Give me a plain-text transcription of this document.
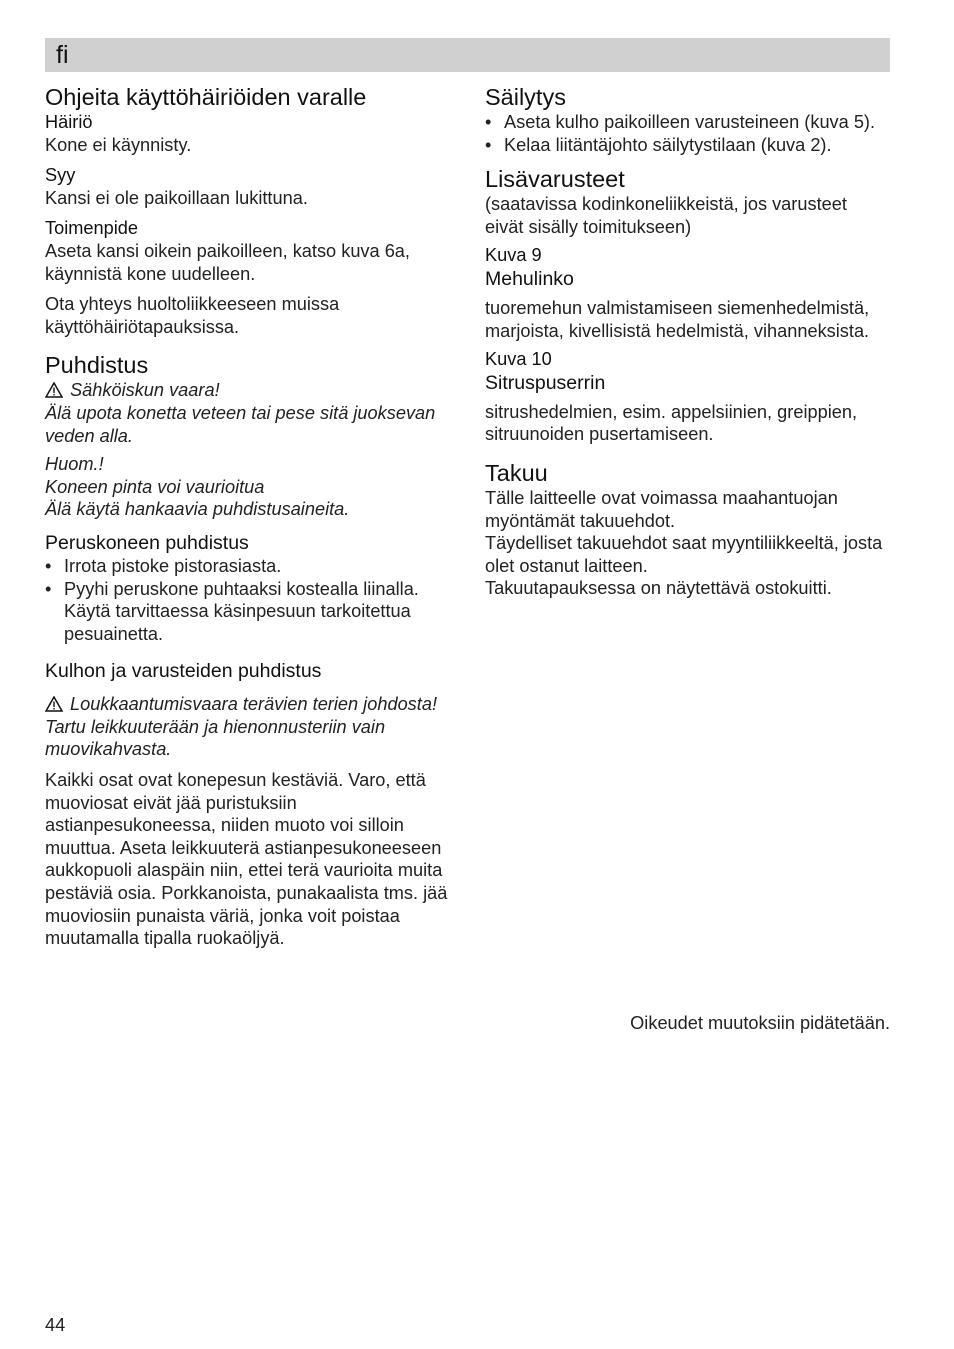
fi
Ohjeita käyttöhäiriöiden varalle

Häiriö

Kone ei käynnisty.

Syy

Kansi ei ole paikoillaan lukittuna.

Toimenpide

Aseta kansi oikein paikoilleen, katso kuva 6a, käynnistä kone uudelleen.

Ota yhteys huoltoliikkeeseen muissa käyttöhäiriötapauksissa.

Puhdistus
Sähköiskun vaara!

Älä upota konetta veteen tai pese sitä juoksevan veden alla.

Huom.!

Koneen pinta voi vaurioitua

Älä käytä hankaavia puhdistusaineita.

Peruskoneen puhdistus
• Irrota pistoke pistorasiasta.
• Pyyhi peruskone puhtaaksi kostealla liinalla. Käytä tarvittaessa käsinpesuun tarkoitettua pesuainetta.
Kulhon ja varusteiden puhdistus
Loukkaantumisvaara terävien terien johdosta!

Tartu leikkuuterään ja hienonnusteriin vain muovikahvasta.

Kaikki osat ovat konepesun kestäviä. Varo, että muoviosat eivät jää puristuksiin astianpesukoneessa, niiden muoto voi silloin muuttua. Aseta leikkuuterä astianpesukoneeseen aukkopuoli alaspäin niin, ettei terä vaurioita muita pestäviä osia. Porkkanoista, punakaalista tms. jää muoviosiin punaista väriä, jonka voit poistaa muutamalla tipalla ruokaöljyä.

Säilytys
• Aseta kulho paikoilleen varusteineen (kuva 5).
• Kelaa liitäntäjohto säilytystilaan (kuva 2).
Lisävarusteet

(saatavissa kodinkoneliikkeistä, jos varusteet eivät sisälly toimitukseen)

Kuva 9

Mehulinko

tuoremehun valmistamiseen siemenhedelmistä, marjoista, kivellisistä hedelmistä, vihanneksista.

Kuva 10

Sitruspuserrin

sitrushedelmien, esim. appelsiinien, greippien, sitruunoiden pusertamiseen.

Takuu

Tälle laitteelle ovat voimassa maahantuojan myöntämät takuuehdot.

Täydelliset takuuehdot saat myyntiliikkeeltä, josta olet ostanut laitteen.

Takuutapauksessa on näytettävä ostokuitti.

Oikeudet muutoksiin pidätetään.
44
